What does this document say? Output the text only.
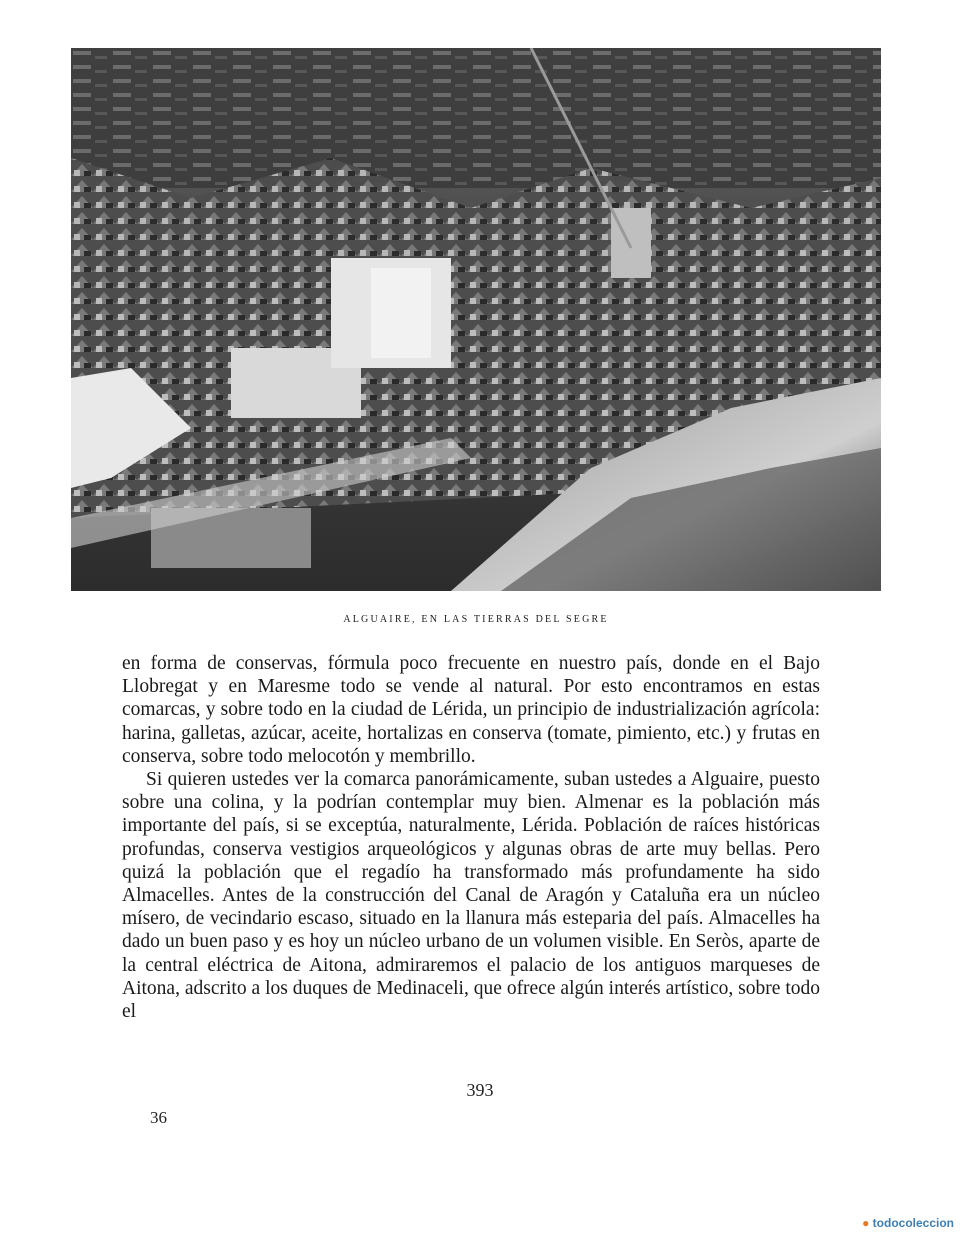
ALGUAIRE, EN LAS TIERRAS DEL SEGRE

en forma de conservas, fórmula poco frecuente en nuestro país, donde en el Bajo Llobregat y en Maresme todo se vende al natural. Por esto encontramos en estas comarcas, y sobre todo en la ciudad de Lérida, un principio de industrialización agrícola: harina, galletas, azúcar, aceite, hortalizas en conserva (tomate, pimiento, etc.) y frutas en conserva, sobre todo melocotón y membrillo.

Si quieren ustedes ver la comarca panorámicamente, suban ustedes a Alguaire, puesto sobre una colina, y la podrían contemplar muy bien. Almenar es la población más importante del país, si se exceptúa, naturalmente, Lérida. Población de raíces históricas profundas, conserva vestigios arqueológicos y algunas obras de arte muy bellas. Pero quizá la población que el regadío ha transformado más profundamente ha sido Almacelles. Antes de la construcción del Canal de Aragón y Cataluña era un núcleo mísero, de vecindario escaso, situado en la llanura más esteparia del país. Almacelles ha dado un buen paso y es hoy un núcleo urbano de un volumen visible. En Seròs, aparte de la central eléctrica de Aitona, admiraremos el palacio de los antiguos marqueses de Aitona, adscrito a los duques de Medinaceli, que ofrece algún interés artístico, sobre todo el

393
36
● todocoleccion
